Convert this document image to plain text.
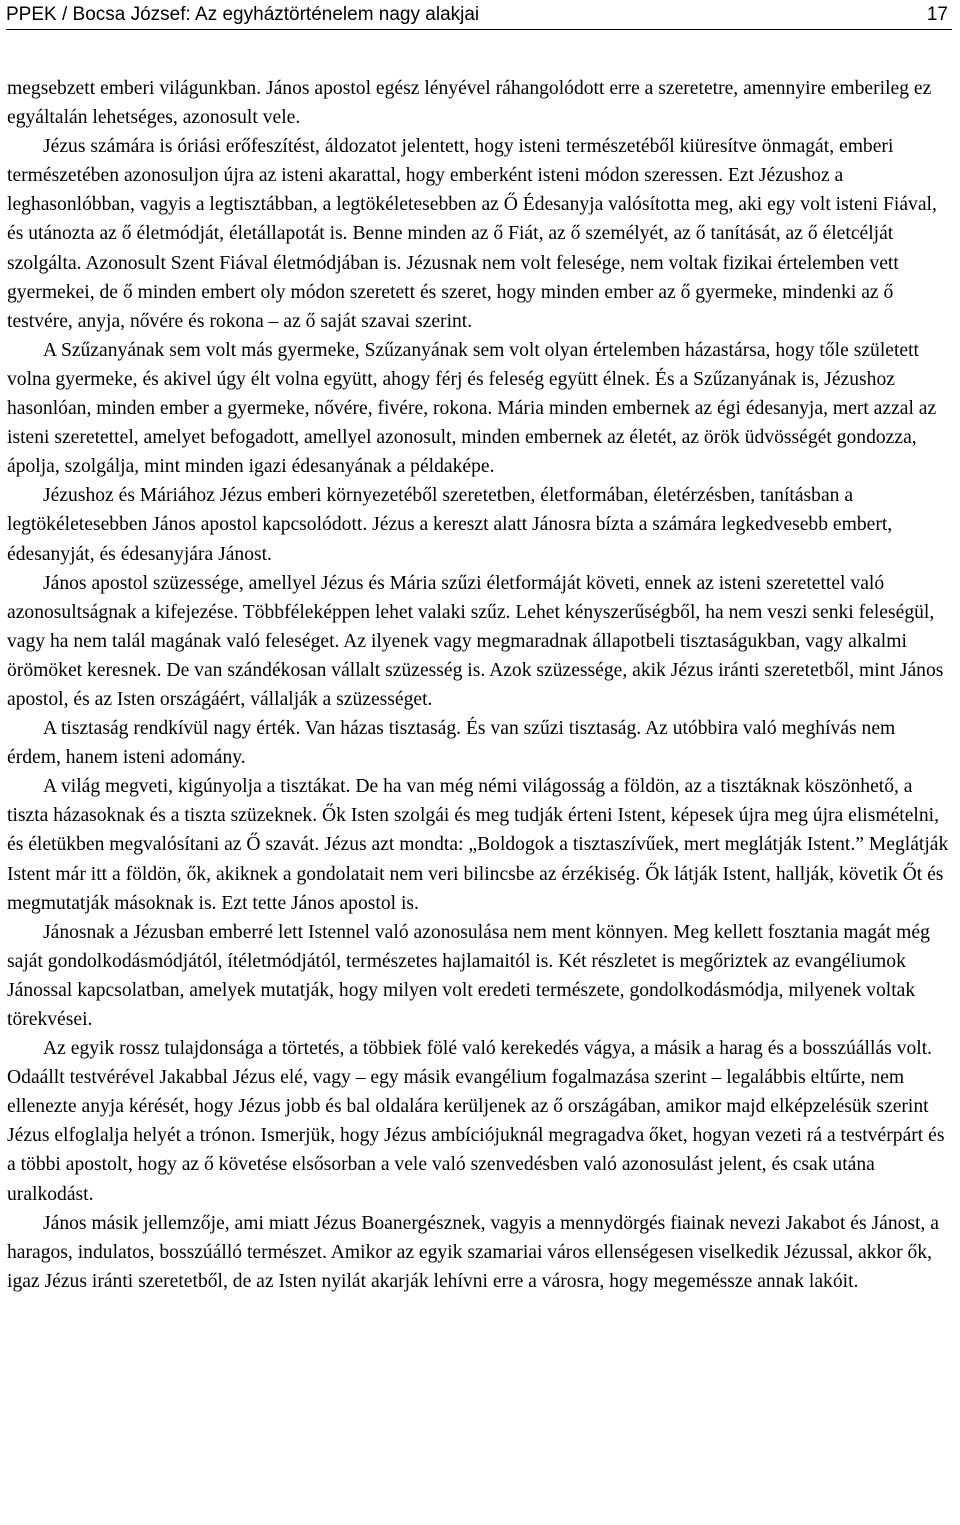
PPEK / Bocsa József: Az egyháztörténelem nagy alakjai	17

megsebzett emberi világunkban. János apostol egész lényével ráhangolódott erre a szeretetre, amennyire emberileg ez egyáltalán lehetséges, azonosult vele.

Jézus számára is óriási erőfeszítést, áldozatot jelentett, hogy isteni természetéből kiüresítve önmagát, emberi természetében azonosuljon újra az isteni akarattal, hogy emberként isteni módon szeressen. Ezt Jézushoz a leghasonlóbban, vagyis a legtisztábban, a legtökéletesebben az Ő Édesanyja valósította meg, aki egy volt isteni Fiával, és utánozta az ő életmódját, életállapotát is. Benne minden az ő Fiát, az ő személyét, az ő tanítását, az ő életcélját szolgálta. Azonosult Szent Fiával életmódjában is. Jézusnak nem volt felesége, nem voltak fizikai értelemben vett gyermekei, de ő minden embert oly módon szeretett és szeret, hogy minden ember az ő gyermeke, mindenki az ő testvére, anyja, nővére és rokona – az ő saját szavai szerint.

A Szűzanyának sem volt más gyermeke, Szűzanyának sem volt olyan értelemben házastársa, hogy tőle született volna gyermeke, és akivel úgy élt volna együtt, ahogy férj és feleség együtt élnek. És a Szűzanyának is, Jézushoz hasonlóan, minden ember a gyermeke, nővére, fivére, rokona. Mária minden embernek az égi édesanyja, mert azzal az isteni szeretettel, amelyet befogadott, amellyel azonosult, minden embernek az életét, az örök üdvösségét gondozza, ápolja, szolgálja, mint minden igazi édesanyának a példaképe.

Jézushoz és Máriához Jézus emberi környezetéből szeretetben, életformában, életérzésben, tanításban a legtökéletesebben János apostol kapcsolódott. Jézus a kereszt alatt Jánosra bízta a számára legkedvesebb embert, édesanyját, és édesanyjára Jánost.

János apostol szüzessége, amellyel Jézus és Mária szűzi életformáját követi, ennek az isteni szeretettel való azonosultságnak a kifejezése. Többféleképpen lehet valaki szűz. Lehet kényszerűségből, ha nem veszi senki feleségül, vagy ha nem talál magának való feleséget. Az ilyenek vagy megmaradnak állapotbeli tisztaságukban, vagy alkalmi örömöket keresnek. De van szándékosan vállalt szüzesség is. Azok szüzessége, akik Jézus iránti szeretetből, mint János apostol, és az Isten országáért, vállalják a szüzességet.

A tisztaság rendkívül nagy érték. Van házas tisztaság. És van szűzi tisztaság. Az utóbbira való meghívás nem érdem, hanem isteni adomány.

A világ megveti, kigúnyolja a tisztákat. De ha van még némi világosság a földön, az a tisztáknak köszönhető, a tiszta házasoknak és a tiszta szüzeknek. Ők Isten szolgái és meg tudják érteni Istent, képesek újra meg újra elismételni, és életükben megvalósítani az Ő szavát. Jézus azt mondta: „Boldogok a tisztaszívűek, mert meglátják Istent.” Meglátják Istent már itt a földön, ők, akiknek a gondolatait nem veri bilincsbe az érzékiség. Ők látják Istent, hallják, követik Őt és megmutatják másoknak is. Ezt tette János apostol is.

Jánosnak a Jézusban emberré lett Istennel való azonosulása nem ment könnyen. Meg kellett fosztania magát még saját gondolkodásmódjától, ítéletmódjától, természetes hajlamaitól is. Két részletet is megőriztek az evangéliumok Jánossal kapcsolatban, amelyek mutatják, hogy milyen volt eredeti természete, gondolkodásmódja, milyenek voltak törekvései.

Az egyik rossz tulajdonsága a törtetés, a többiek fölé való kerekedés vágya, a másik a harag és a bosszúállás volt. Odaállt testvérével Jakabbal Jézus elé, vagy – egy másik evangélium fogalmazása szerint – legalábbis eltűrte, nem ellenezte anyja kérését, hogy Jézus jobb és bal oldalára kerüljenek az ő országában, amikor majd elképzelésük szerint Jézus elfoglalja helyét a trónon. Ismerjük, hogy Jézus ambíciójuknál megragadva őket, hogyan vezeti rá a testvérpárt és a többi apostolt, hogy az ő követése elsősorban a vele való szenvedésben való azonosulást jelent, és csak utána uralkodást.

János másik jellemzője, ami miatt Jézus Boanergésznek, vagyis a mennydörgés fiainak nevezi Jakabot és Jánost, a haragos, indulatos, bosszúálló természet. Amikor az egyik szamariai város ellenségesen viselkedik Jézussal, akkor ők, igaz Jézus iránti szeretetből, de az Isten nyilát akarják lehívni erre a városra, hogy megemésszе annak lakóit.
